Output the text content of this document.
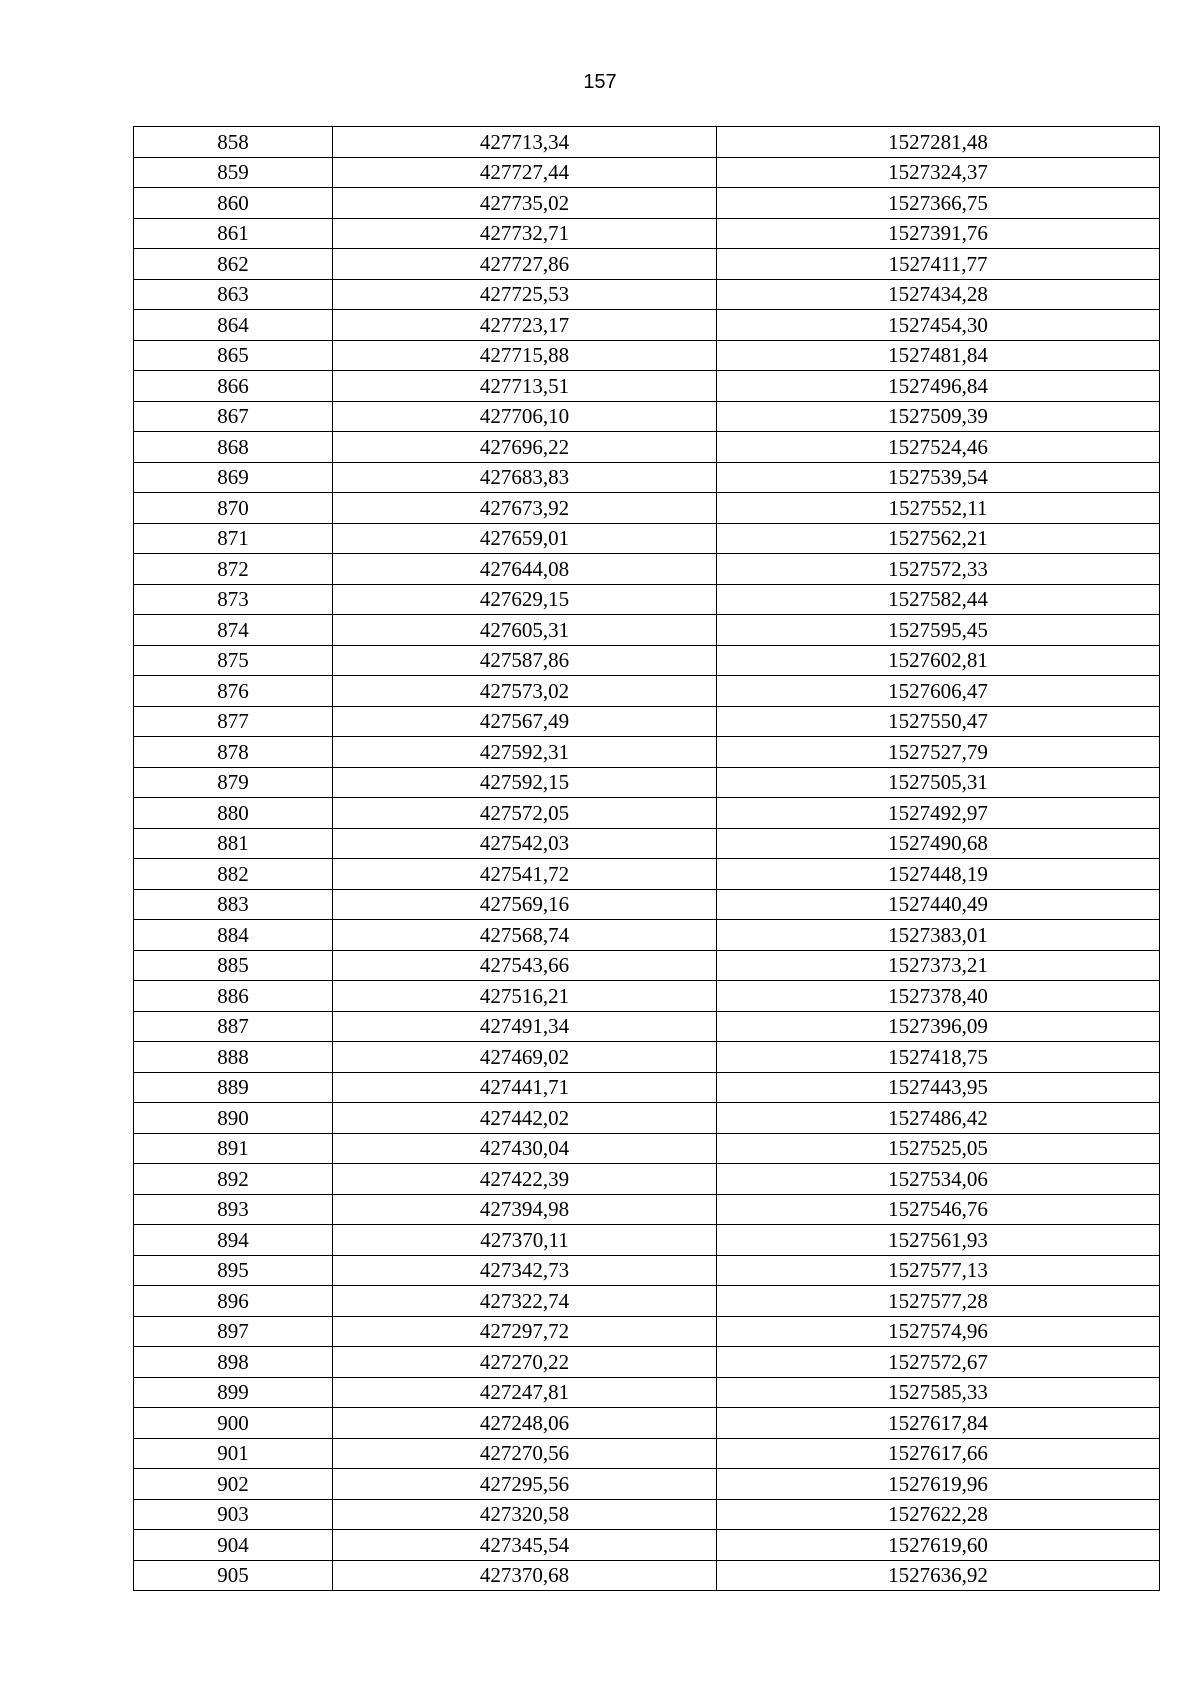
157
858	427713,34	1527281,48
859	427727,44	1527324,37
860	427735,02	1527366,75
861	427732,71	1527391,76
862	427727,86	1527411,77
863	427725,53	1527434,28
864	427723,17	1527454,30
865	427715,88	1527481,84
866	427713,51	1527496,84
867	427706,10	1527509,39
868	427696,22	1527524,46
869	427683,83	1527539,54
870	427673,92	1527552,11
871	427659,01	1527562,21
872	427644,08	1527572,33
873	427629,15	1527582,44
874	427605,31	1527595,45
875	427587,86	1527602,81
876	427573,02	1527606,47
877	427567,49	1527550,47
878	427592,31	1527527,79
879	427592,15	1527505,31
880	427572,05	1527492,97
881	427542,03	1527490,68
882	427541,72	1527448,19
883	427569,16	1527440,49
884	427568,74	1527383,01
885	427543,66	1527373,21
886	427516,21	1527378,40
887	427491,34	1527396,09
888	427469,02	1527418,75
889	427441,71	1527443,95
890	427442,02	1527486,42
891	427430,04	1527525,05
892	427422,39	1527534,06
893	427394,98	1527546,76
894	427370,11	1527561,93
895	427342,73	1527577,13
896	427322,74	1527577,28
897	427297,72	1527574,96
898	427270,22	1527572,67
899	427247,81	1527585,33
900	427248,06	1527617,84
901	427270,56	1527617,66
902	427295,56	1527619,96
903	427320,58	1527622,28
904	427345,54	1527619,60
905	427370,68	1527636,92
